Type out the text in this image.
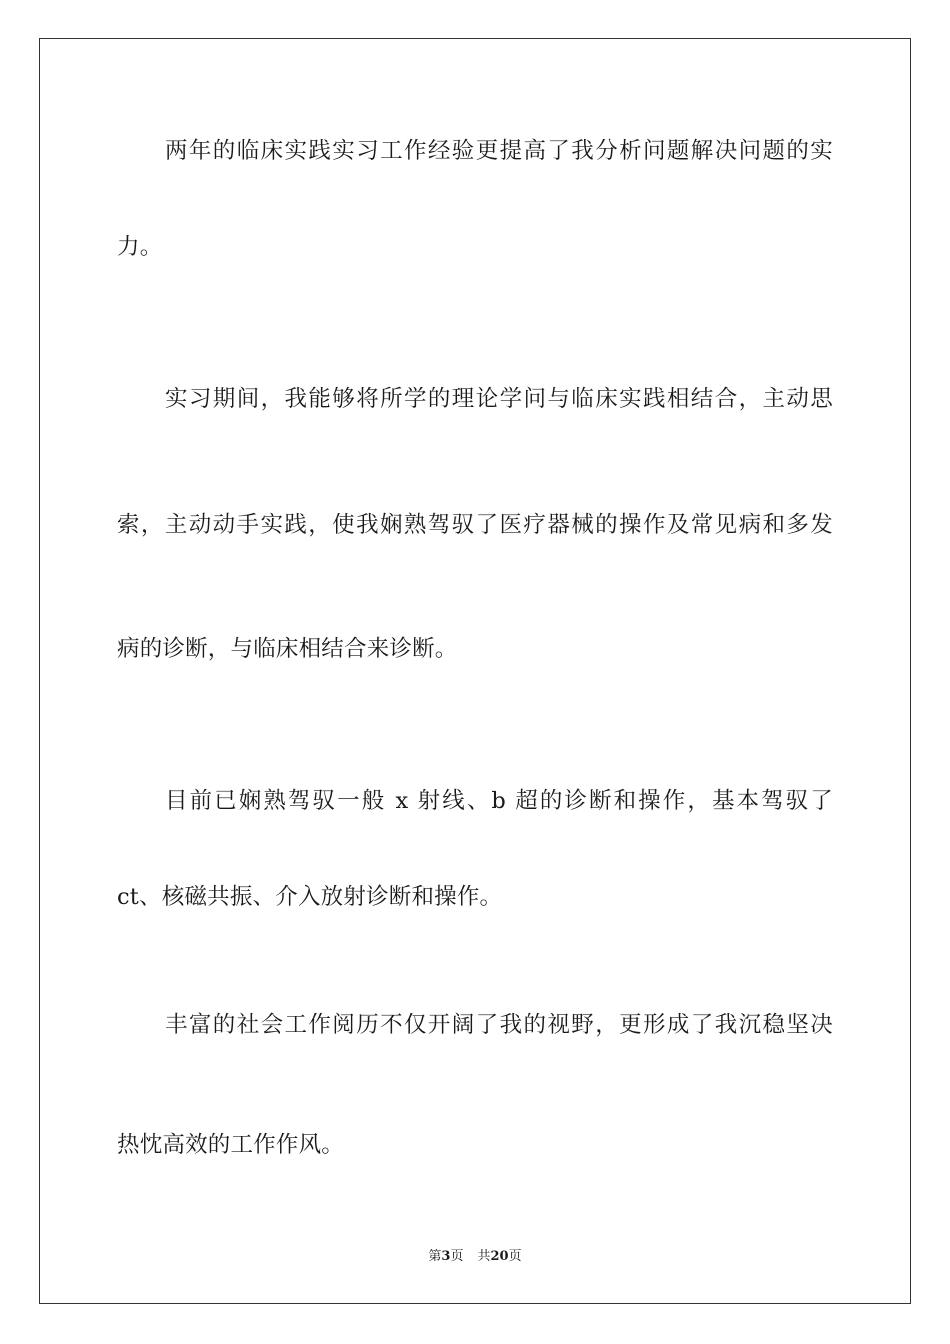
两年的临床实践实习工作经验更提高了我分析问题解决问题的实
力。
实习期间，我能够将所学的理论学问与临床实践相结合，主动思
索，主动动手实践，使我娴熟驾驭了医疗器械的操作及常见病和多发
病的诊断，与临床相结合来诊断。
目前已娴熟驾驭一般 x 射线、b 超的诊断和操作，基本驾驭了
ct、核磁共振、介入放射诊断和操作。
丰富的社会工作阅历不仅开阔了我的视野，更形成了我沉稳坚决
热忱高效的工作作风。
第3页 共20页
